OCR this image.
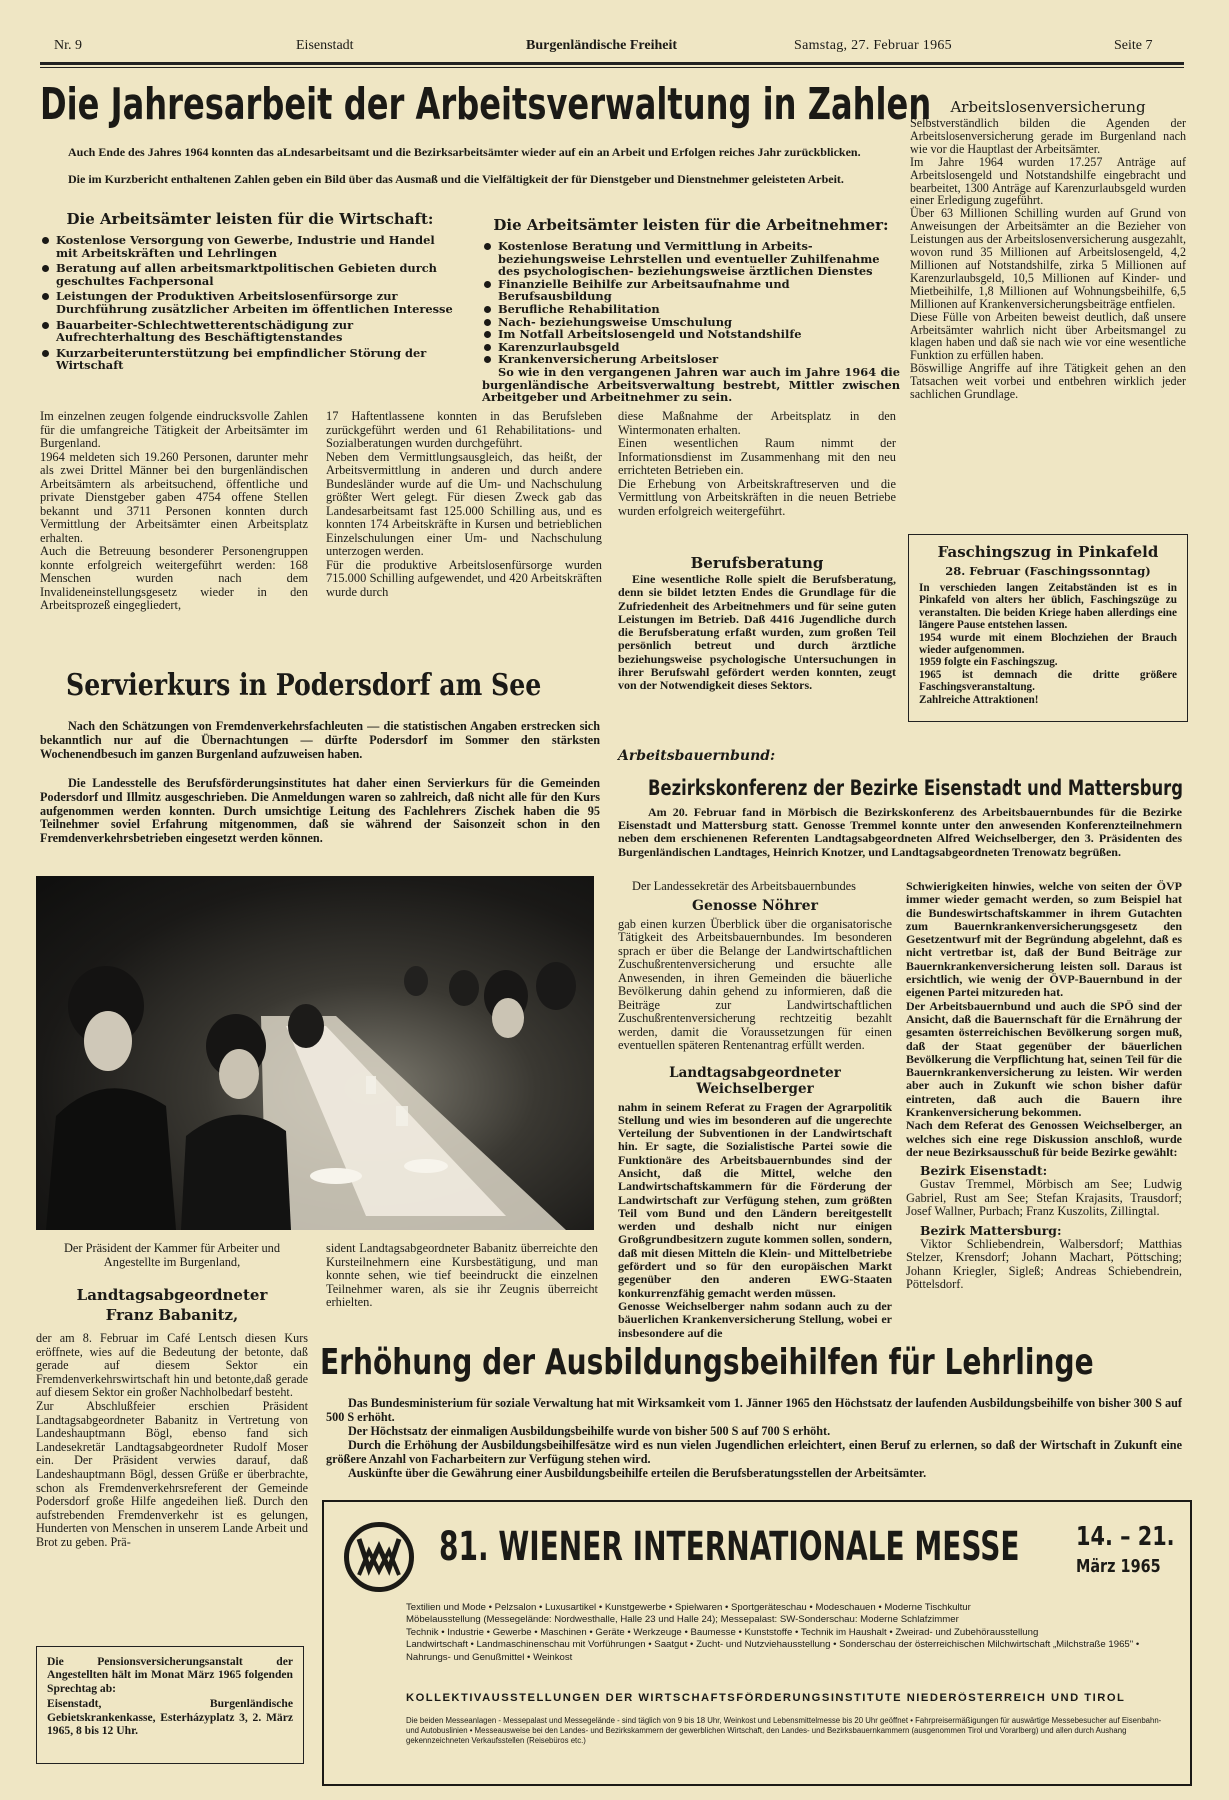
Nr. 9	Eisenstadt	Burgenländische Freiheit	Samstag, 27. Februar 1965	Seite 7
Die Jahresarbeit der Arbeitsverwaltung in Zahlen
Auch Ende des Jahres 1964 konnten das aLndesarbeitsamt und die Bezirksarbeitsämter wieder auf ein an Arbeit und Erfolgen reiches Jahr zurückblicken.
Die im Kurzbericht enthaltenen Zahlen geben ein Bild über das Ausmaß und die Vielfältigkeit der für Dienstgeber und Dienstnehmer geleisteten Arbeit.
Die Arbeitsämter leisten für die Wirtschaft:
Kostenlose Versorgung von Gewerbe, Industrie und Handel mit Arbeitskräften und Lehrlingen
Beratung auf allen arbeitsmarktpolitischen Gebieten durch geschultes Fachpersonal
Leistungen der Produktiven Arbeitslosenfürsorge zur Durchführung zusätzlicher Arbeiten im öffentlichen Interesse
Bauarbeiter-Schlechtwetterentschädigung zur Aufrechterhaltung des Beschäftigtenstandes
Kurzarbeiterunterstützung bei empfindlicher Störung der Wirtschaft
Die Arbeitsämter leisten für die Arbeitnehmer:
Kostenlose Beratung und Vermittlung in Arbeits- beziehungsweise Lehrstellen und eventueller Zuhilfenahme des psychologischen- beziehungsweise ärztlichen Dienstes
Finanzielle Beihilfe zur Arbeitsaufnahme und Berufsausbildung
Berufliche Rehabilitation
Nach- beziehungsweise Umschulung
Im Notfall Arbeitslosengeld und Notstandshilfe
Karenzurlaubsgeld
Krankenversicherung Arbeitsloser

So wie in den vergangenen Jahren war auch im Jahre 1964 die burgenländische Arbeitsverwaltung bestrebt, Mittler zwischen Arbeitgeber und Arbeitnehmer zu sein.

Im einzelnen zeugen folgende eindrucksvolle Zahlen für die umfangreiche Tätigkeit der Arbeitsämter im Burgenland.
1964 meldeten sich 19.260 Personen, darunter mehr als zwei Drittel Männer bei den burgenländischen Arbeitsämtern als arbeitsuchend, öffentliche und private Dienstgeber gaben 4754 offene Stellen bekannt und 3711 Personen konnten durch Vermittlung der Arbeitsämter einen Arbeitsplatz erhalten.
Auch die Betreuung besonderer Personengruppen konnte erfolgreich weitergeführt werden: 168 Menschen wurden nach dem Invalideneinstellungsgesetz wieder in den Arbeitsprozeß eingegliedert,
17 Haftentlassene konnten in das Berufsleben zurückgeführt werden und 61 Rehabilitations- und Sozialberatungen wurden durchgeführt.
Neben dem Vermittlungsausgleich, das heißt, der Arbeitsvermittlung in anderen und durch andere Bundesländer wurde auf die Um- und Nachschulung größter Wert gelegt. Für diesen Zweck gab das Landesarbeitsamt fast 125.000 Schilling aus, und es konnten 174 Arbeitskräfte in Kursen und betrieblichen Einzelschulungen einer Um- und Nachschulung unterzogen werden.
Für die produktive Arbeitslosenfürsorge wurden 715.000 Schilling aufgewendet, und 420 Arbeitskräften wurde durch
diese Maßnahme der Arbeitsplatz in den Wintermonaten erhalten.
Einen wesentlichen Raum nimmt der Informationsdienst im Zusammenhang mit den neu errichteten Betrieben ein.
Die Erhebung von Arbeitskraftreserven und die Vermittlung von Arbeitskräften in die neuen Betriebe wurden erfolgreich weitergeführt.
Berufsberatung
Eine wesentliche Rolle spielt die Berufsberatung, denn sie bildet letzten Endes die Grundlage für die Zufriedenheit des Arbeitnehmers und für seine guten Leistungen im Betrieb. Daß 4416 Jugendliche durch die Berufsberatung erfaßt wurden, zum großen Teil persönlich betreut und durch ärztliche beziehungsweise psychologische Untersuchungen in ihrer Berufswahl gefördert werden konnten, zeugt von der Notwendigkeit dieses Sektors.
Arbeitslosenversicherung
Selbstverständlich bilden die Agenden der Arbeitslosenversicherung gerade im Burgenland nach wie vor die Hauptlast der Arbeitsämter.
Im Jahre 1964 wurden 17.257 Anträge auf Arbeitslosengeld und Notstandshilfe eingebracht und bearbeitet, 1300 Anträge auf Karenzurlaubsgeld wurden einer Erledigung zugeführt.
Über 63 Millionen Schilling wurden auf Grund von Anweisungen der Arbeitsämter an die Bezieher von Leistungen aus der Arbeitslosenversicherung ausgezahlt, wovon rund 35 Millionen auf Arbeitslosengeld, 4,2 Millionen auf Notstandshilfe, zirka 5 Millionen auf Karenzurlaubsgeld, 10,5 Millionen auf Kinder- und Mietbeihilfe, 1,8 Millionen auf Wohnungsbeihilfe, 6,5 Millionen auf Krankenversicherungsbeiträge entfielen.
Diese Fülle von Arbeiten beweist deutlich, daß unsere Arbeitsämter wahrlich nicht über Arbeitsmangel zu klagen haben und daß sie nach wie vor eine wesentliche Funktion zu erfüllen haben.
Böswillige Angriffe auf ihre Tätigkeit gehen an den Tatsachen weit vorbei und entbehren wirklich jeder sachlichen Grundlage.
Faschingszug in Pinkafeld
28. Februar (Faschingssonntag)

In verschieden langen Zeitabständen ist es in Pinkafeld von alters her üblich, Faschingszüge zu veranstalten. Die beiden Kriege haben allerdings eine längere Pause entstehen lassen.
1954 wurde mit einem Blochziehen der Brauch wieder aufgenommen.
1959 folgte ein Faschingszug.
1965 ist demnach die dritte größere Faschingsveranstaltung.
Zahlreiche Attraktionen!

Servierkurs in Podersdorf am See
Nach den Schätzungen von Fremdenverkehrsfachleuten — die statistischen Angaben erstrecken sich bekanntlich nur auf die Übernachtungen — dürfte Podersdorf im Sommer den stärksten Wochenendbesuch im ganzen Burgenland aufzuweisen haben.
Die Landesstelle des Berufsförderungsinstitutes hat daher einen Servierkurs für die Gemeinden Podersdorf und Illmitz ausgeschrieben. Die Anmeldungen waren so zahlreich, daß nicht alle für den Kurs aufgenommen werden konnten. Durch umsichtige Leitung des Fachlehrers Zischek haben die 95 Teilnehmer soviel Erfahrung mitgenommen, daß sie während der Saisonzeit schon in den Fremdenverkehrsbetrieben eingesetzt werden können.
Der Präsident der Kammer für Arbeiter und Angestellte im Burgenland,
Landtagsabgeordneter
Franz Babanitz,
der am 8. Februar im Café Lentsch diesen Kurs eröffnete, wies auf die Bedeutung der betonte, daß gerade auf diesem Sektor ein Fremdenverkehrswirtschaft hin und betonte,daß gerade auf diesem Sektor ein großer Nachholbedarf besteht.
Zur Abschlußfeier erschien Präsident Landtagsabgeordneter Babanitz in Vertretung von Landeshauptmann Bögl, ebenso fand sich Landesekretär Landtagsabgeordneter Rudolf Moser ein. Der Präsident verwies darauf, daß Landeshauptmann Bögl, dessen Grüße er überbrachte, schon als Fremdenverkehrsreferent der Gemeinde Podersdorf große Hilfe angedeihen ließ. Durch den aufstrebenden Fremdenverkehr ist es gelungen, Hunderten von Menschen in unserem Lande Arbeit und Brot zu geben. Prä-
sident Landtagsabgeordneter Babanitz überreichte den Kursteilnehmern eine Kursbestätigung, und man konnte sehen, wie tief beeindruckt die einzelnen Teilnehmer waren, als sie ihr Zeugnis überreicht erhielten.

Die Pensionsversicherungsanstalt der Angestellten hält im Monat März 1965 folgenden Sprechtag ab:

Eisenstadt, Burgenländische Gebietskrankenkasse, Esterházyplatz 3, 2. März 1965, 8 bis 12 Uhr.

Arbeitsbauernbund:
Bezirkskonferenz der Bezirke Eisenstadt und Mattersburg
Am 20. Februar fand in Mörbisch die Bezirkskonferenz des Arbeitsbauernbundes für die Bezirke Eisenstadt und Mattersburg statt. Genosse Tremmel konnte unter den anwesenden Konferenzteilnehmern neben dem erschienenen Referenten Landtagsabgeordneten Alfred Weichselberger, den 3. Präsidenten des Burgenländischen Landtages, Heinrich Knotzer, und Landtagsabgeordneten Trenowatz begrüßen.

Der Landessekretär des Arbeitsbauernbundes

Genosse Nöhrer

gab einen kurzen Überblick über die organisatorische Tätigkeit des Arbeitsbauernbundes. Im besonderen sprach er über die Belange der Landwirtschaftlichen Zuschußrentenversicherung und ersuchte alle Anwesenden, in ihren Gemeinden die bäuerliche Bevölkerung dahin gehend zu informieren, daß die Beiträge zur Landwirtschaftlichen Zuschußrentenversicherung rechtzeitig bezahlt werden, damit die Voraussetzungen für einen eventuellen späteren Rentenantrag erfüllt werden.

Landtagsabgeordneter Weichselberger

nahm in seinem Referat zu Fragen der Agrarpolitik Stellung und wies im besonderen auf die ungerechte Verteilung der Subventionen in der Landwirtschaft hin. Er sagte, die Sozialistische Partei sowie die Funktionäre des Arbeitsbauernbundes sind der Ansicht, daß die Mittel, welche den Landwirtschaftskammern für die Förderung der Landwirtschaft zur Verfügung stehen, zum größten Teil vom Bund und den Ländern bereitgestellt werden und deshalb nicht nur einigen Großgrundbesitzern zugute kommen sollen, sondern, daß mit diesen Mitteln die Klein- und Mittelbetriebe gefördert und so für den europäischen Markt gegenüber den anderen EWG-Staaten konkurrenzfähig gemacht werden müssen.
Genosse Weichselberger nahm sodann auch zu der bäuerlichen Krankenversicherung Stellung, wobei er insbesondere auf die

Schwierigkeiten hinwies, welche von seiten der ÖVP immer wieder gemacht werden, so zum Beispiel hat die Bundeswirtschaftskammer in ihrem Gutachten zum Bauernkrankenversicherungsgesetz den Gesetzentwurf mit der Begründung abgelehnt, daß es nicht vertretbar ist, daß der Bund Beiträge zur Bauernkrankenversicherung leisten soll. Daraus ist ersichtlich, wie wenig der ÖVP-Bauernbund in der eigenen Partei mitzureden hat.
Der Arbeitsbauernbund und auch die SPÖ sind der Ansicht, daß die Bauernschaft für die Ernährung der gesamten österreichischen Bevölkerung sorgen muß, daß der Staat gegenüber der bäuerlichen Bevölkerung die Verpflichtung hat, seinen Teil für die Bauernkrankenversicherung zu leisten. Wir werden aber auch in Zukunft wie schon bisher dafür eintreten, daß auch die Bauern ihre Krankenversicherung bekommen.
Nach dem Referat des Genossen Weichselberger, an welches sich eine rege Diskussion anschloß, wurde der neue Bezirksausschuß für beide Bezirke gewählt:

Bezirk Eisenstadt:

Gustav Tremmel, Mörbisch am See; Ludwig Gabriel, Rust am See; Stefan Krajasits, Trausdorf; Josef Wallner, Purbach; Franz Kuszolits, Zillingtal.

Bezirk Mattersburg:

Viktor Schliebendrein, Walbersdorf; Matthias Stelzer, Krensdorf; Johann Machart, Pöttsching; Johann Kriegler, Sigleß; Andreas Schiebendrein, Pöttelsdorf.

Erhöhung der Ausbildungsbeihilfen für Lehrlinge

Das Bundesministerium für soziale Verwaltung hat mit Wirksamkeit vom 1. Jänner 1965 den Höchstsatz der laufenden Ausbildungsbeihilfe von bisher 300 S auf 500 S erhöht.

Der Höchstsatz der einmaligen Ausbildungsbeihilfe wurde von bisher 500 S auf 700 S erhöht.

Durch die Erhöhung der Ausbildungsbeihilfesätze wird es nun vielen Jugendlichen erleichtert, einen Beruf zu erlernen, so daß der Wirtschaft in Zukunft eine größere Anzahl von Facharbeitern zur Verfügung stehen wird.

Auskünfte über die Gewährung einer Ausbildungsbeihilfe erteilen die Berufsberatungsstellen der Arbeitsämter.

81. WIENER INTERNATIONALE MESSE 14. – 21.
März 1965

Textilien und Mode • Pelzsalon • Luxusartikel • Kunstgewerbe • Spielwaren • Sportgeräteschau • Modeschauen • Moderne Tischkultur

Möbelausstellung (Messegelände: Nordwesthalle, Halle 23 und Halle 24); Messepalast: SW-Sonderschau: Moderne Schlafzimmer

Technik • Industrie • Gewerbe • Maschinen • Geräte • Werkzeuge • Baumesse • Kunststoffe • Technik im Haushalt • Zweirad- und Zubehörausstellung

Landwirtschaft • Landmaschinenschau mit Vorführungen • Saatgut • Zucht- und Nutzviehausstellung • Sonderschau der österreichischen Milchwirtschaft „Milchstraße 1965" • Nahrungs- und Genußmittel • Weinkost

KOLLEKTIVAUSSTELLUNGEN DER WIRTSCHAFTSFÖRDERUNGSINSTITUTE NIEDERÖSTERREICH UND TIROL
Die beiden Messeanlagen - Messepalast und Messegelände - sind täglich von 9 bis 18 Uhr, Weinkost und Lebensmittelmesse bis 20 Uhr geöffnet • Fahrpreisermäßigungen für auswärtige Messebesucher auf Eisenbahn- und Autobuslinien • Messeausweise bei den Landes- und Bezirkskammern der gewerblichen Wirtschaft, den Landes- und Bezirksbauernkammern (ausgenommen Tirol und Vorarlberg) und allen durch Aushang gekennzeichneten Verkaufsstellen (Reisebüros etc.)
